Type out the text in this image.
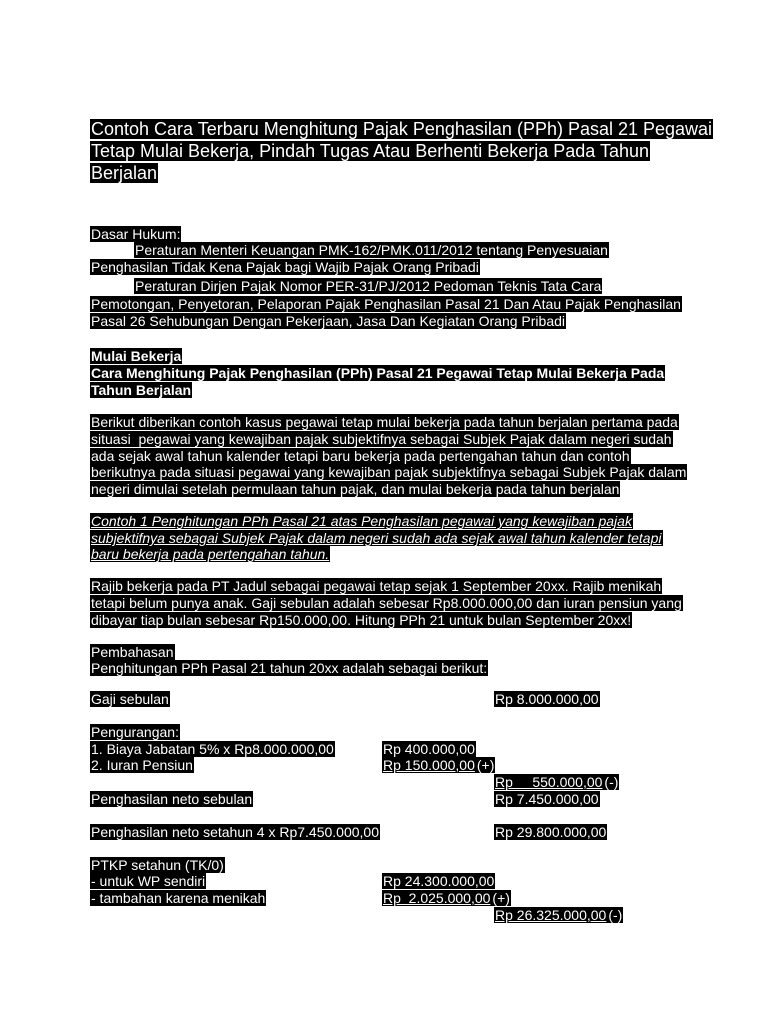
Contoh Cara Terbaru Menghitung Pajak Penghasilan (PPh) Pasal 21 Pegawai
Tetap Mulai Bekerja, Pindah Tugas Atau Berhenti Bekerja Pada Tahun
Berjalan
Dasar Hukum:
Peraturan Menteri Keuangan PMK-162/PMK.011/2012 tentang Penyesuaian
Penghasilan Tidak Kena Pajak bagi Wajib Pajak Orang Pribadi
Peraturan Dirjen Pajak Nomor PER-31/PJ/2012 Pedoman Teknis Tata Cara
Pemotongan, Penyetoran, Pelaporan Pajak Penghasilan Pasal 21 Dan Atau Pajak Penghasilan
Pasal 26 Sehubungan Dengan Pekerjaan, Jasa Dan Kegiatan Orang Pribadi
Mulai Bekerja
Cara Menghitung Pajak Penghasilan (PPh) Pasal 21 Pegawai Tetap Mulai Bekerja Pada
Tahun Berjalan
Berikut diberikan contoh kasus pegawai tetap mulai bekerja pada tahun berjalan pertama pada
situasi  pegawai yang kewajiban pajak subjektifnya sebagai Subjek Pajak dalam negeri sudah
ada sejak awal tahun kalender tetapi baru bekerja pada pertengahan tahun dan contoh
berikutnya pada situasi pegawai yang kewajiban pajak subjektifnya sebagai Subjek Pajak dalam
negeri dimulai setelah permulaan tahun pajak, dan mulai bekerja pada tahun berjalan
Contoh 1 Penghitungan PPh Pasal 21 atas Penghasilan pegawai yang kewajiban pajak
subjektifnya sebagai Subjek Pajak dalam negeri sudah ada sejak awal tahun kalender tetapi
baru bekerja pada pertengahan tahun.
Rajib bekerja pada PT Jadul sebagai pegawai tetap sejak 1 September 20xx. Rajib menikah
tetapi belum punya anak. Gaji sebulan adalah sebesar Rp8.000.000,00 dan iuran pensiun yang
dibayar tiap bulan sebesar Rp150.000,00. Hitung PPh 21 untuk bulan September 20xx!
Pembahasan
Penghitungan PPh Pasal 21 tahun 20xx adalah sebagai berikut:
Gaji sebulan	Rp 8.000.000,00
Pengurangan:
1. Biaya Jabatan 5% x Rp8.000.000,00	Rp 400.000,00
2. Iuran Pensiun	Rp 150.000,00 (+)
Rp     550.000,00 (-)
Penghasilan neto sebulan	Rp 7.450.000,00
Penghasilan neto setahun 4 x Rp7.450.000,00	Rp 29.800.000,00
PTKP setahun (TK/0)
- untuk WP sendiri	Rp 24.300.000,00
- tambahan karena menikah	Rp  2.025.000,00 (+)
Rp 26.325.000,00 (-)
